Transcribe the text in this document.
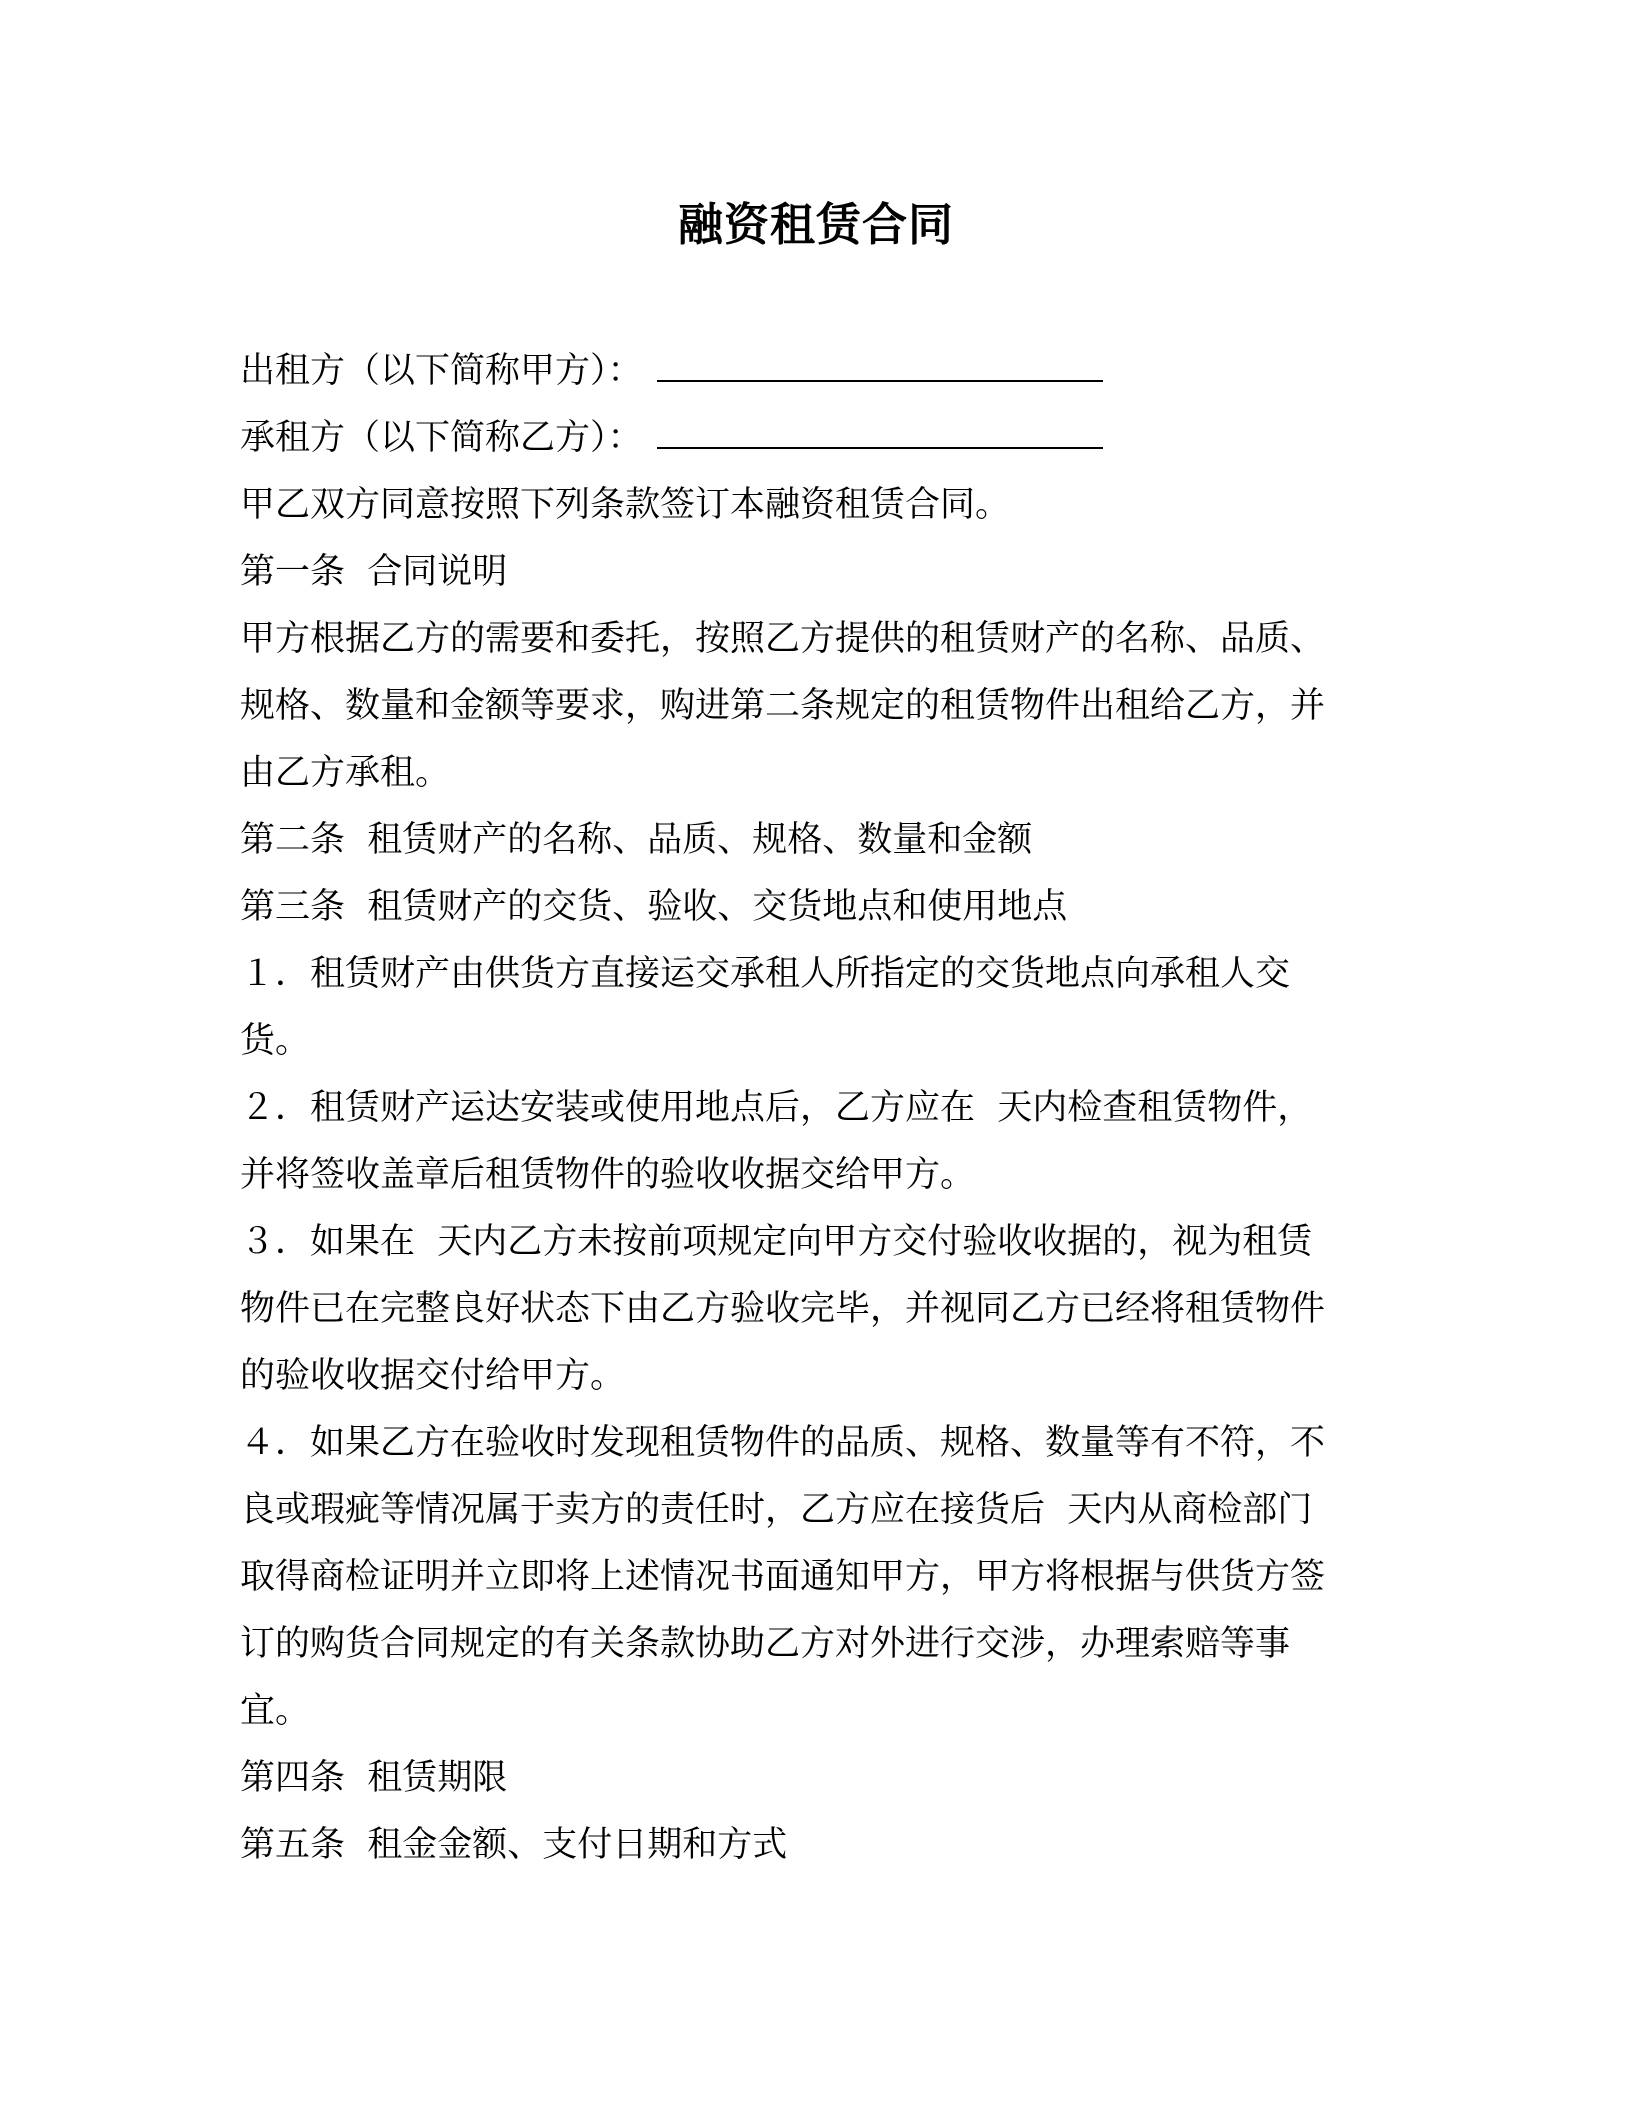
融资租赁合同
出租方（以下简称甲方）：
承租方（以下简称乙方）：
甲乙双方同意按照下列条款签订本融资租赁合同。
第一条  合同说明
甲方根据乙方的需要和委托，按照乙方提供的租赁财产的名称、品质、
规格、数量和金额等要求，购进第二条规定的租赁物件出租给乙方，并
由乙方承租。
第二条  租赁财产的名称、品质、规格、数量和金额
第三条  租赁财产的交货、验收、交货地点和使用地点
１．租赁财产由供货方直接运交承租人所指定的交货地点向承租人交
货。
２．租赁财产运达安装或使用地点后，乙方应在  天内检查租赁物件，
并将签收盖章后租赁物件的验收收据交给甲方。
３．如果在  天内乙方未按前项规定向甲方交付验收收据的，视为租赁
物件已在完整良好状态下由乙方验收完毕，并视同乙方已经将租赁物件
的验收收据交付给甲方。
４．如果乙方在验收时发现租赁物件的品质、规格、数量等有不符，不
良或瑕疵等情况属于卖方的责任时，乙方应在接货后  天内从商检部门
取得商检证明并立即将上述情况书面通知甲方，甲方将根据与供货方签
订的购货合同规定的有关条款协助乙方对外进行交涉，办理索赔等事
宜。
第四条  租赁期限
第五条  租金金额、支付日期和方式
